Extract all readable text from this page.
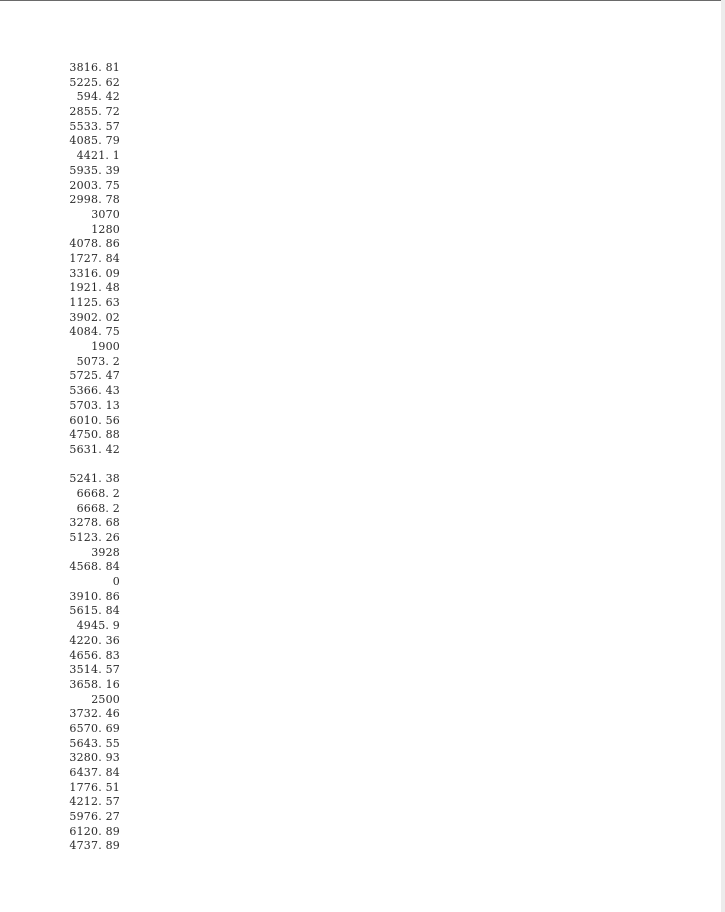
3816. 81
5225. 62
594. 42
2855. 72
5533. 57
4085. 79
4421. 1
5935. 39
2003. 75
2998. 78
3070
1280
4078. 86
1727. 84
3316. 09
1921. 48
1125. 63
3902. 02
4084. 75
1900
5073. 2
5725. 47
5366. 43
5703. 13
6010. 56
4750. 88
5631. 42
5241. 38
6668. 2
6668. 2
3278. 68
5123. 26
3928
4568. 84
0
3910. 86
5615. 84
4945. 9
4220. 36
4656. 83
3514. 57
3658. 16
2500
3732. 46
6570. 69
5643. 55
3280. 93
6437. 84
1776. 51
4212. 57
5976. 27
6120. 89
4737. 89
